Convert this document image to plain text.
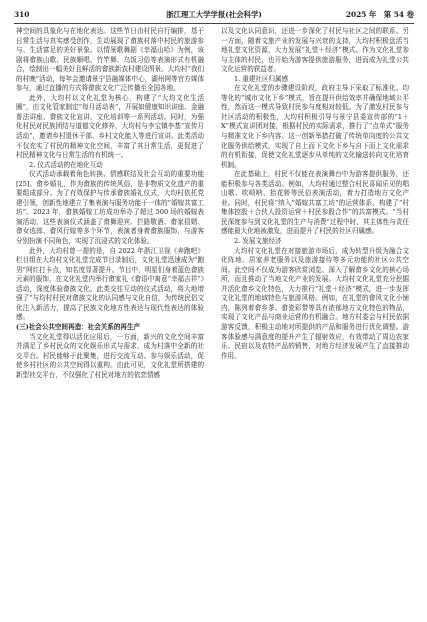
310	浙江理工大学学报(社会科学)	2025 年　第 54 卷

神空间的具象化与在地化表达。这些节日由村民自行编排，基于日常生活与真实感受创作，生动展现了畲族村落中村民的旅游参与、生活富足的美好景象。以情景歌舞剧《幸福山哈》为例，该剧将畲族山歌、民族顺唱、竹竿舞、乌饭习俗等表演形式有机融合，绘制出一幅美好且鲜活的畲族新农村建设图景。大均村“我们的村晚”活动，每年会邀请景宁县融媒体中心，湖州网等官方媒体参与，通过直播的方式将畲族文化广泛传播至全国各地。

此外，大均村以文化礼堂为核心，构建了“大均文化生活圈”，由文化管家制定“每月活动表”，开展如健康知识讲座、金融普法讲座、畲族文化宣讲、文化培训等一系列活动。同时，为强化村民对民族团结与道德文化修养，大均村与李宝镇李基“宣传月活动”，邀请乡村退休干部、乡村文化能人等进行宣讲。此类活动不仅充实了村民的精神文化空间，丰富了其日常生活，更促进了村民精神文化与日常生活的有机统一。

2. 仪式活动的在地化互动

仪式活动承载着角色转换、情感联结及社会互动的重要功能[25]。畲乡婚礼，作为畲族的传统风俗，是非物质文化遗产的重要组成部分。为了有效保护与传承畲族婚礼仪式，大均村依托党建引领，创新性地建立了集表演与服务功能于一体的“婚嫁共富工坊”。2023 年，畲族婚嫁工坊成功举办了超过 500 场的婚嫁表演活动，这些表演仪式涵盖了畲舞迎宾、拦路敬酒、畲家招婿、畲女选郎、畲风行嫁等多个环节，表演者身着畲族服饰，与游客分别扮演不同角色，实现了沉浸式的文化体验。

此外，大均村曾一提的是，自 2022 年浙江卫视《奔跑吧》栏目组在大均村文化礼堂完成节目录制后，文化礼堂迅速成为“跑男”网红打卡点，知名度显著提升。节目中，明星们身着蓝色畲族元素的服饰，在文化礼堂内举行畲家礼《畲语中寓意“幸福吉祥”》活动，深度体验畲族文化。此类交往互动的仪式活动，将大地增强了“与均村村民对畲族文化的认同感与文化自信，为传统民俗文化注入新活力，提高了民族文化地方性表达与现代性表达的体验感。

(三)社会公共空间再造：社会关系的再生产

当文化礼堂得以活化应用后，一方面，新兴的文化空间丰富并满足了乡村民众的文化娱乐形式与需求，成为村落中全新的社交平台。村民能够于此聚集，进行交流互动、参与娱乐活动，促使乡村社区的公共空间得以重构。由此可见，文化礼堂所搭建的新型社交平台，不仅强化了村民对地方的依恋情感

以及文化认同意识，还进一步深化了村民与社区之间的联系。另一方面，随着文旅产业的发展与兴衰的支持，大均村积极盘活当地礼堂文化资源，大力发展“礼堂＋经济”模式。作为文化礼堂参与主体的村民，也开始为游客提供旅游服务，进而成为礼堂公共文化运营的获益者。

1. 重建社区归属感

在文化礼堂的步骤建设阶段，政府主导下采取了标准化、均等化的“城市文化下乡”模式，旨在提升供给效率并确保地域公平性，然而这一模式导致村民参与度相对较低。为了激发村民参与社区活动的积极性，大均村积极引导与景宁县委宣传部的“1＋X”模式宣讲团对接，根据村民的实际需求，推行了“点单式”服务与精准文化下乡内容。这一创新举措打破了传统单向度的公共文化服务供给模式，实现了自上而下文化下乡与自下而上文化需求的有机衔接，促使文化礼堂逐步从单纯的文化输送转向文化培育机制。

在此基础上，村民不仅能在表演舞台中为游客提供服务，还能积极参与各类活动。例如，大均村通过整合村民喜闻乐见的唱山歌、吹唢呐、抬花轿等民俗表演活动，着力打造地方文化产业。同时，村民将“纳入”婚嫁共富工坊”的运营体系，构建了“村集体控股＋合伙人投资运营＋村民参股合作”的共富模式。“当村民深度参与到文化礼堂的生产与消费”过程中时，其主体性与责任感能最大化地被激发，进而提升了村民的社区归属感。

2. 发展文旅经济

大均村文化礼堂在对接旅游市场后，成为转型升级为融合文化阵地、居家养老服务以及旅游接待等多元功能的社区公共空间。此空间不仅成为游客欣赏浏览、深入了解畲乡文化的核心场所，而且推动了当地文化产业的发展。大均村文化礼堂充分挖掘并活化畲乡文化特色，大力推行“礼堂＋经济”模式，进一步发挥文化礼堂的地域特色与旅游风格。例如，在礼堂的畲风文化小铺内，陈列着畲乡茶、畲瓷彩带等具有浓郁地方文化特色的物品，实现了文化产品与商业运营的有机融合。地方村委会与村民依据游客反馈，积极主动地对所提供的产品和服务进行优化调整。游客体验感与满意度的提升产生了辐射效应，有效带动了周边农家乐、民宿以及农特产品的销售，对地方经济发展产生了直接推动作用。
